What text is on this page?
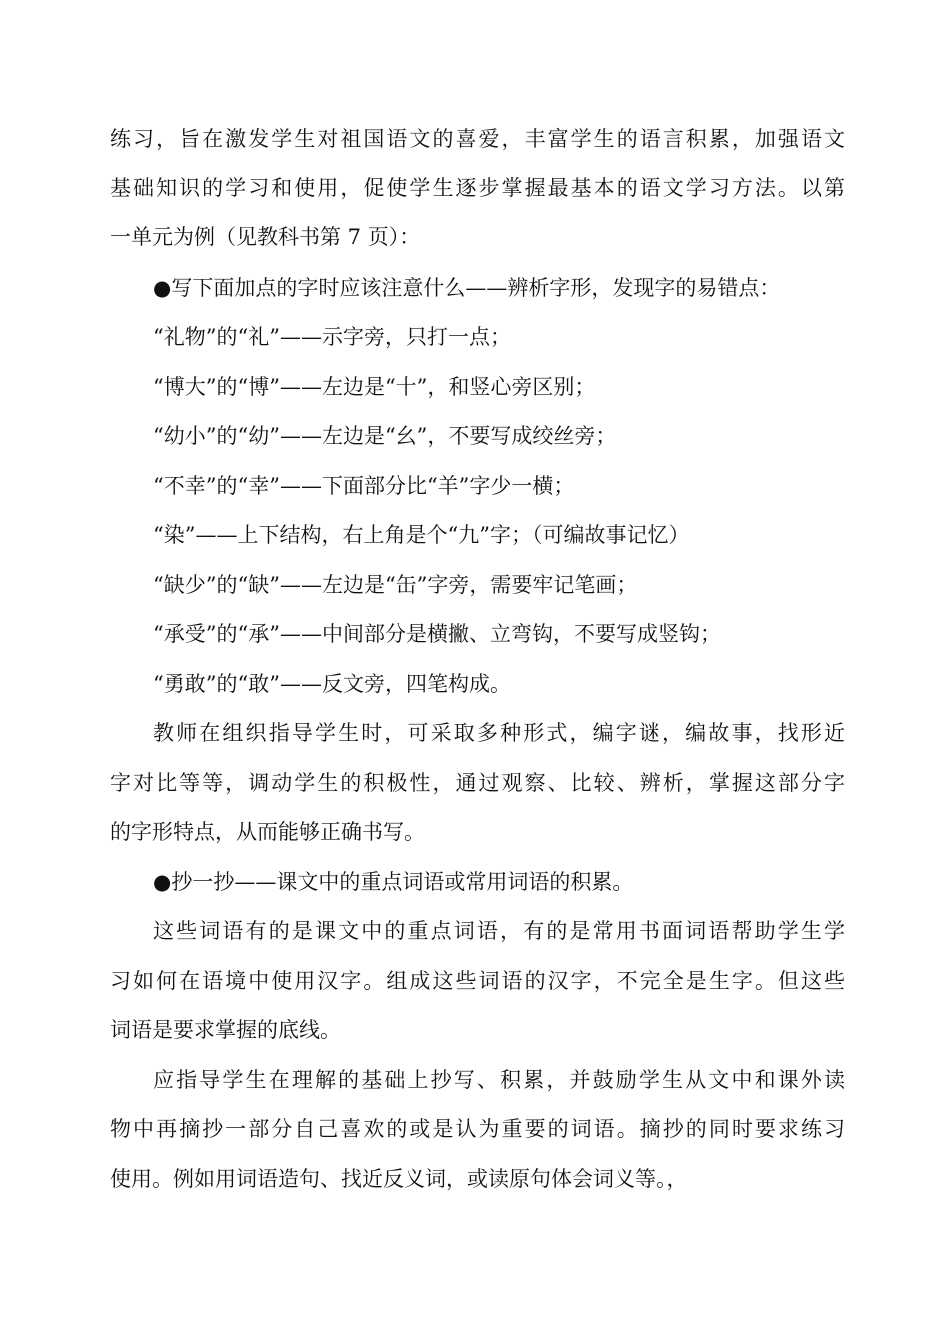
练习，旨在激发学生对祖国语文的喜爱，丰富学生的语言积累，加强语文
基础知识的学习和使用，促使学生逐步掌握最基本的语文学习方法。以第
一单元为例（见教科书第 7 页）：
●写下面加点的字时应该注意什么——辨析字形，发现字的易错点：
“礼物”的“礼”——示字旁，只打一点；
“博大”的“博”——左边是“十”，和竖心旁区别；
“幼小”的“幼”——左边是“幺”，不要写成绞丝旁；
“不幸”的“幸”——下面部分比“羊”字少一横；
“染”——上下结构，右上角是个“九”字；（可编故事记忆）
“缺少”的“缺”——左边是“缶”字旁，需要牢记笔画；
“承受”的“承”——中间部分是横撇、立弯钩，不要写成竖钩；
“勇敢”的“敢”——反文旁，四笔构成。
教师在组织指导学生时，可采取多种形式，编字谜，编故事，找形近
字对比等等，调动学生的积极性，通过观察、比较、辨析，掌握这部分字
的字形特点，从而能够正确书写。
●抄一抄——课文中的重点词语或常用词语的积累。
这些词语有的是课文中的重点词语，有的是常用书面词语帮助学生学
习如何在语境中使用汉字。组成这些词语的汉字，不完全是生字。但这些
词语是要求掌握的底线。
应指导学生在理解的基础上抄写、积累，并鼓励学生从文中和课外读
物中再摘抄一部分自己喜欢的或是认为重要的词语。摘抄的同时要求练习
使用。例如用词语造句、找近反义词，或读原句体会词义等。，
